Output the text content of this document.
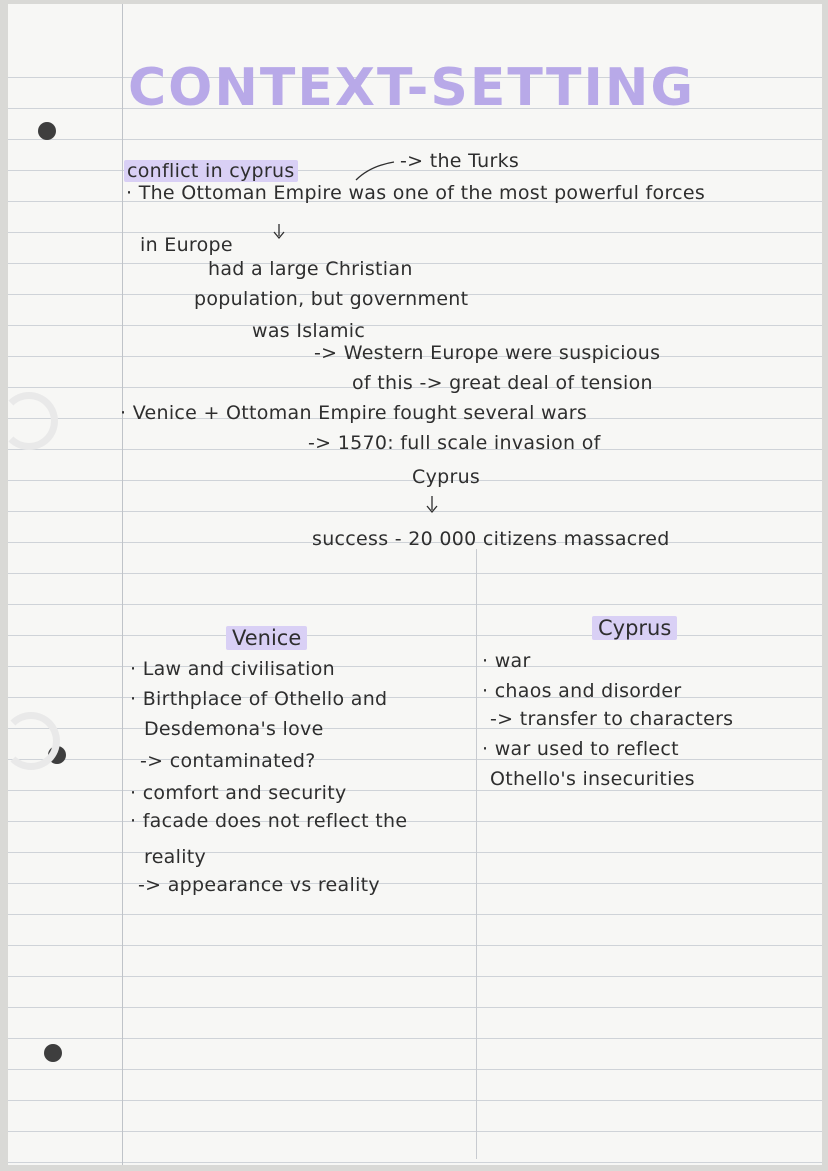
CONTEXT-SETTING

conflict in cyprus	-> the Turks

· The Ottoman Empire was one of the most powerful forces

in Europe

had a large Christian

population, but government

was Islamic

-> Western Europe were suspicious

of this -> great deal of tension

· Venice + Ottoman Empire fought several wars

-> 1570: full scale invasion of

Cyprus

success - 20 000 citizens massacred

Venice	Cyprus

· Law and civilisation
· Birthplace of Othello and
Desdemona's love
-> contaminated?
· comfort and security
· facade does not reflect the
reality
-> appearance vs reality
· war
· chaos and disorder
-> transfer to characters
· war used to reflect
Othello's insecurities
